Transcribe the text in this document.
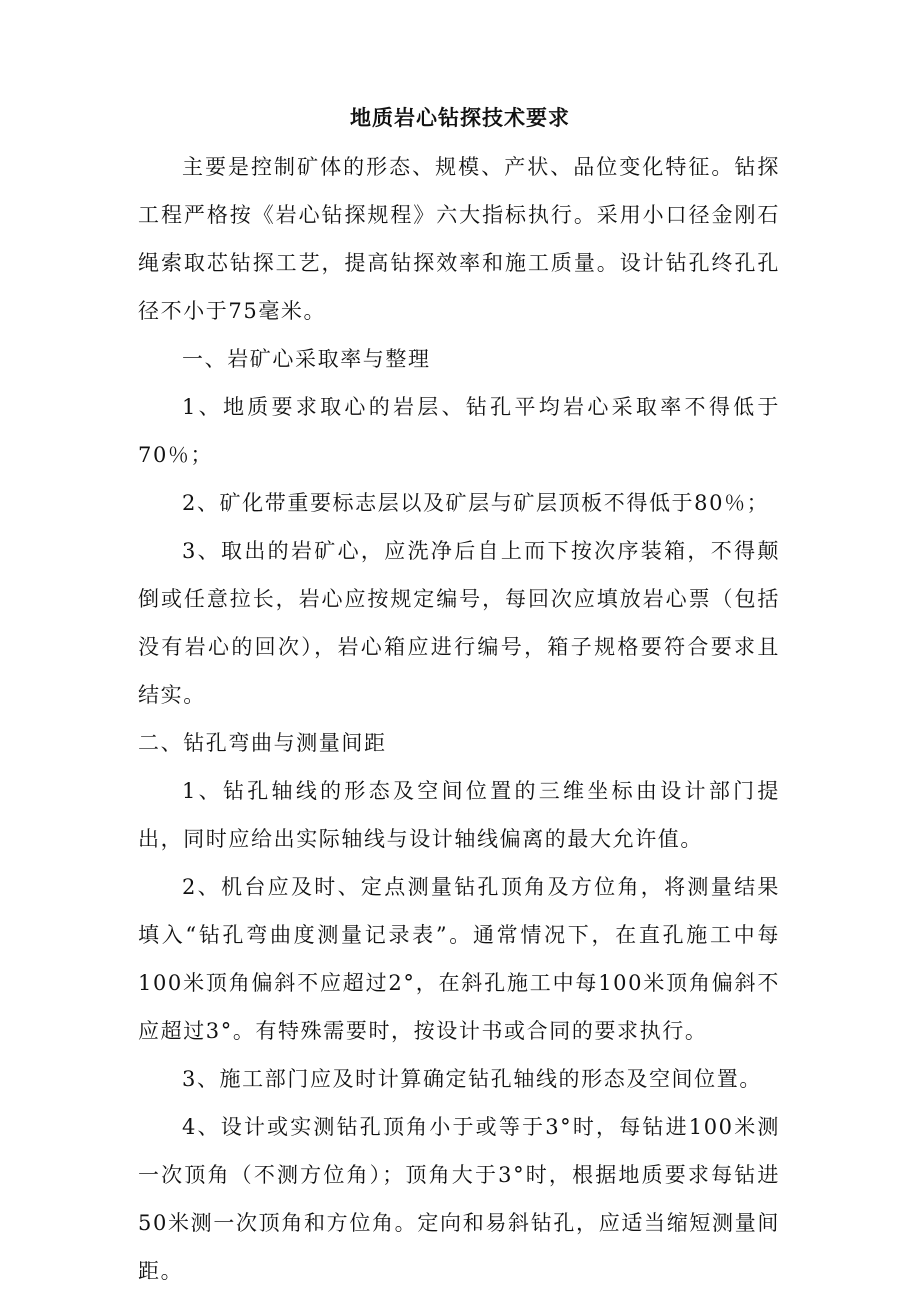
地质岩心钻探技术要求

主要是控制矿体的形态、规模、产状、品位变化特征。钻探工程严格按《岩心钻探规程》六大指标执行。采用小口径金刚石绳索取芯钻探工艺，提高钻探效率和施工质量。设计钻孔终孔孔径不小于75毫米。

一、岩矿心采取率与整理

1、地质要求取心的岩层、钻孔平均岩心采取率不得低于70％；

2、矿化带重要标志层以及矿层与矿层顶板不得低于80％；

3、取出的岩矿心，应洗净后自上而下按次序装箱，不得颠倒或任意拉长，岩心应按规定编号，每回次应填放岩心票（包括没有岩心的回次），岩心箱应进行编号，箱子规格要符合要求且结实。

二、钻孔弯曲与测量间距

1、钻孔轴线的形态及空间位置的三维坐标由设计部门提出，同时应给出实际轴线与设计轴线偏离的最大允许值。

2、机台应及时、定点测量钻孔顶角及方位角，将测量结果填入“钻孔弯曲度测量记录表”。通常情况下，在直孔施工中每100米顶角偏斜不应超过2°，在斜孔施工中每100米顶角偏斜不应超过3°。有特殊需要时，按设计书或合同的要求执行。

3、施工部门应及时计算确定钻孔轴线的形态及空间位置。

4、设计或实测钻孔顶角小于或等于3°时，每钻进100米测一次顶角（不测方位角）；顶角大于3°时，根据地质要求每钻进50米测一次顶角和方位角。定向和易斜钻孔，应适当缩短测量间距。
